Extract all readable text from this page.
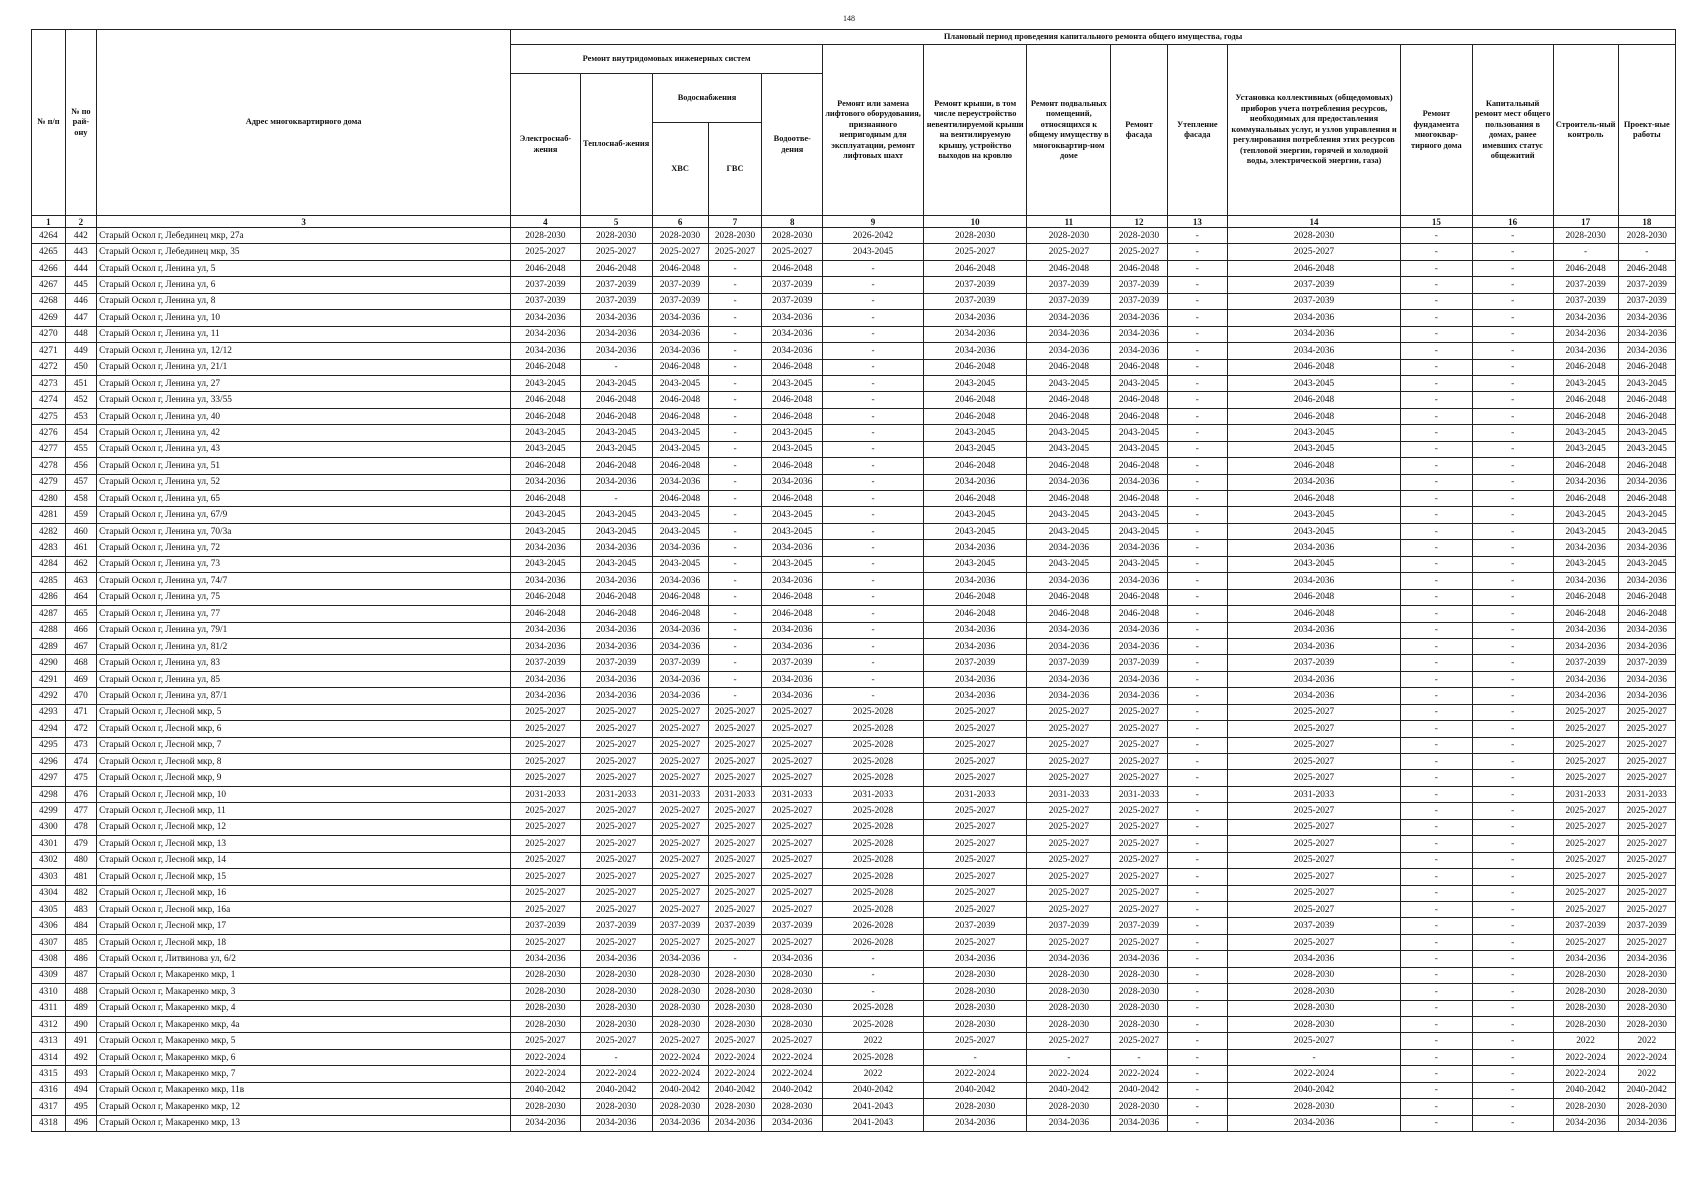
148
№ п/п	№ по рай-ону	Адрес многоквартирного дома	Плановый период проведения капитального ремонта общего имущества, годы														
			Ремонт внутридомовых инженерных систем					Ремонт или замена лифтового оборудования, признанного непригодным для эксплуатации, ремонт лифтовых шахт	Ремонт крыши, в том числе переустройство невентилируемой крыши на вентилируемую крышу, устройство выходов на кровлю	Ремонт подвальных помещений, относящихся к общему имуществу в многоквартир-ном доме	Ремонт фасада	Утепление фасада	Установка коллективных (общедомовых) приборов учета потребления ресурсов, необходимых для предоставления коммунальных услуг, и узлов управления и регулирования потребления этих ресурсов (тепловой энергии, горячей и холодной воды, электрической энергии, газа)	Ремонт фундамента многоквар-тирного дома	Капитальный ремонт мест общего пользования в домах, ранее имевших статус общежитий	Строитель-ный контроль	Проект-ные работы
			Электроснаб-жения	Теплоснаб-жения	Водоснабжения		Водоотве-дения										
					ХВС	ГВС											
1	2	3	4	5	6	7	8	9	10	11	12	13	14	15	16	17	18
4264	442	Старый Оскол г, Лебединец мкр, 27а	2028-2030	2028-2030	2028-2030	2028-2030	2028-2030	2026-2042	2028-2030	2028-2030	2028-2030	-	2028-2030	-	-	2028-2030	2028-2030
4265	443	Старый Оскол г, Лебединец мкр, 35	2025-2027	2025-2027	2025-2027	2025-2027	2025-2027	2043-2045	2025-2027	2025-2027	2025-2027	-	2025-2027	-	-	-	-
4266	444	Старый Оскол г, Ленина ул, 5	2046-2048	2046-2048	2046-2048	-	2046-2048	-	2046-2048	2046-2048	2046-2048	-	2046-2048	-	-	2046-2048	2046-2048
4267	445	Старый Оскол г, Ленина ул, 6	2037-2039	2037-2039	2037-2039	-	2037-2039	-	2037-2039	2037-2039	2037-2039	-	2037-2039	-	-	2037-2039	2037-2039
4268	446	Старый Оскол г, Ленина ул, 8	2037-2039	2037-2039	2037-2039	-	2037-2039	-	2037-2039	2037-2039	2037-2039	-	2037-2039	-	-	2037-2039	2037-2039
4269	447	Старый Оскол г, Ленина ул, 10	2034-2036	2034-2036	2034-2036	-	2034-2036	-	2034-2036	2034-2036	2034-2036	-	2034-2036	-	-	2034-2036	2034-2036
4270	448	Старый Оскол г, Ленина ул, 11	2034-2036	2034-2036	2034-2036	-	2034-2036	-	2034-2036	2034-2036	2034-2036	-	2034-2036	-	-	2034-2036	2034-2036
4271	449	Старый Оскол г, Ленина ул, 12/12	2034-2036	2034-2036	2034-2036	-	2034-2036	-	2034-2036	2034-2036	2034-2036	-	2034-2036	-	-	2034-2036	2034-2036
4272	450	Старый Оскол г, Ленина ул, 21/1	2046-2048	-	2046-2048	-	2046-2048	-	2046-2048	2046-2048	2046-2048	-	2046-2048	-	-	2046-2048	2046-2048
4273	451	Старый Оскол г, Ленина ул, 27	2043-2045	2043-2045	2043-2045	-	2043-2045	-	2043-2045	2043-2045	2043-2045	-	2043-2045	-	-	2043-2045	2043-2045
4274	452	Старый Оскол г, Ленина ул, 33/55	2046-2048	2046-2048	2046-2048	-	2046-2048	-	2046-2048	2046-2048	2046-2048	-	2046-2048	-	-	2046-2048	2046-2048
4275	453	Старый Оскол г, Ленина ул, 40	2046-2048	2046-2048	2046-2048	-	2046-2048	-	2046-2048	2046-2048	2046-2048	-	2046-2048	-	-	2046-2048	2046-2048
4276	454	Старый Оскол г, Ленина ул, 42	2043-2045	2043-2045	2043-2045	-	2043-2045	-	2043-2045	2043-2045	2043-2045	-	2043-2045	-	-	2043-2045	2043-2045
4277	455	Старый Оскол г, Ленина ул, 43	2043-2045	2043-2045	2043-2045	-	2043-2045	-	2043-2045	2043-2045	2043-2045	-	2043-2045	-	-	2043-2045	2043-2045
4278	456	Старый Оскол г, Ленина ул, 51	2046-2048	2046-2048	2046-2048	-	2046-2048	-	2046-2048	2046-2048	2046-2048	-	2046-2048	-	-	2046-2048	2046-2048
4279	457	Старый Оскол г, Ленина ул, 52	2034-2036	2034-2036	2034-2036	-	2034-2036	-	2034-2036	2034-2036	2034-2036	-	2034-2036	-	-	2034-2036	2034-2036
4280	458	Старый Оскол г, Ленина ул, 65	2046-2048	-	2046-2048	-	2046-2048	-	2046-2048	2046-2048	2046-2048	-	2046-2048	-	-	2046-2048	2046-2048
4281	459	Старый Оскол г, Ленина ул, 67/9	2043-2045	2043-2045	2043-2045	-	2043-2045	-	2043-2045	2043-2045	2043-2045	-	2043-2045	-	-	2043-2045	2043-2045
4282	460	Старый Оскол г, Ленина ул, 70/3а	2043-2045	2043-2045	2043-2045	-	2043-2045	-	2043-2045	2043-2045	2043-2045	-	2043-2045	-	-	2043-2045	2043-2045
4283	461	Старый Оскол г, Ленина ул, 72	2034-2036	2034-2036	2034-2036	-	2034-2036	-	2034-2036	2034-2036	2034-2036	-	2034-2036	-	-	2034-2036	2034-2036
4284	462	Старый Оскол г, Ленина ул, 73	2043-2045	2043-2045	2043-2045	-	2043-2045	-	2043-2045	2043-2045	2043-2045	-	2043-2045	-	-	2043-2045	2043-2045
4285	463	Старый Оскол г, Ленина ул, 74/7	2034-2036	2034-2036	2034-2036	-	2034-2036	-	2034-2036	2034-2036	2034-2036	-	2034-2036	-	-	2034-2036	2034-2036
4286	464	Старый Оскол г, Ленина ул, 75	2046-2048	2046-2048	2046-2048	-	2046-2048	-	2046-2048	2046-2048	2046-2048	-	2046-2048	-	-	2046-2048	2046-2048
4287	465	Старый Оскол г, Ленина ул, 77	2046-2048	2046-2048	2046-2048	-	2046-2048	-	2046-2048	2046-2048	2046-2048	-	2046-2048	-	-	2046-2048	2046-2048
4288	466	Старый Оскол г, Ленина ул, 79/1	2034-2036	2034-2036	2034-2036	-	2034-2036	-	2034-2036	2034-2036	2034-2036	-	2034-2036	-	-	2034-2036	2034-2036
4289	467	Старый Оскол г, Ленина ул, 81/2	2034-2036	2034-2036	2034-2036	-	2034-2036	-	2034-2036	2034-2036	2034-2036	-	2034-2036	-	-	2034-2036	2034-2036
4290	468	Старый Оскол г, Ленина ул, 83	2037-2039	2037-2039	2037-2039	-	2037-2039	-	2037-2039	2037-2039	2037-2039	-	2037-2039	-	-	2037-2039	2037-2039
4291	469	Старый Оскол г, Ленина ул, 85	2034-2036	2034-2036	2034-2036	-	2034-2036	-	2034-2036	2034-2036	2034-2036	-	2034-2036	-	-	2034-2036	2034-2036
4292	470	Старый Оскол г, Ленина ул, 87/1	2034-2036	2034-2036	2034-2036	-	2034-2036	-	2034-2036	2034-2036	2034-2036	-	2034-2036	-	-	2034-2036	2034-2036
4293	471	Старый Оскол г, Лесной мкр, 5	2025-2027	2025-2027	2025-2027	2025-2027	2025-2027	2025-2028	2025-2027	2025-2027	2025-2027	-	2025-2027	-	-	2025-2027	2025-2027
4294	472	Старый Оскол г, Лесной мкр, 6	2025-2027	2025-2027	2025-2027	2025-2027	2025-2027	2025-2028	2025-2027	2025-2027	2025-2027	-	2025-2027	-	-	2025-2027	2025-2027
4295	473	Старый Оскол г, Лесной мкр, 7	2025-2027	2025-2027	2025-2027	2025-2027	2025-2027	2025-2028	2025-2027	2025-2027	2025-2027	-	2025-2027	-	-	2025-2027	2025-2027
4296	474	Старый Оскол г, Лесной мкр, 8	2025-2027	2025-2027	2025-2027	2025-2027	2025-2027	2025-2028	2025-2027	2025-2027	2025-2027	-	2025-2027	-	-	2025-2027	2025-2027
4297	475	Старый Оскол г, Лесной мкр, 9	2025-2027	2025-2027	2025-2027	2025-2027	2025-2027	2025-2028	2025-2027	2025-2027	2025-2027	-	2025-2027	-	-	2025-2027	2025-2027
4298	476	Старый Оскол г, Лесной мкр, 10	2031-2033	2031-2033	2031-2033	2031-2033	2031-2033	2031-2033	2031-2033	2031-2033	2031-2033	-	2031-2033	-	-	2031-2033	2031-2033
4299	477	Старый Оскол г, Лесной мкр, 11	2025-2027	2025-2027	2025-2027	2025-2027	2025-2027	2025-2028	2025-2027	2025-2027	2025-2027	-	2025-2027	-	-	2025-2027	2025-2027
4300	478	Старый Оскол г, Лесной мкр, 12	2025-2027	2025-2027	2025-2027	2025-2027	2025-2027	2025-2028	2025-2027	2025-2027	2025-2027	-	2025-2027	-	-	2025-2027	2025-2027
4301	479	Старый Оскол г, Лесной мкр, 13	2025-2027	2025-2027	2025-2027	2025-2027	2025-2027	2025-2028	2025-2027	2025-2027	2025-2027	-	2025-2027	-	-	2025-2027	2025-2027
4302	480	Старый Оскол г, Лесной мкр, 14	2025-2027	2025-2027	2025-2027	2025-2027	2025-2027	2025-2028	2025-2027	2025-2027	2025-2027	-	2025-2027	-	-	2025-2027	2025-2027
4303	481	Старый Оскол г, Лесной мкр, 15	2025-2027	2025-2027	2025-2027	2025-2027	2025-2027	2025-2028	2025-2027	2025-2027	2025-2027	-	2025-2027	-	-	2025-2027	2025-2027
4304	482	Старый Оскол г, Лесной мкр, 16	2025-2027	2025-2027	2025-2027	2025-2027	2025-2027	2025-2028	2025-2027	2025-2027	2025-2027	-	2025-2027	-	-	2025-2027	2025-2027
4305	483	Старый Оскол г, Лесной мкр, 16а	2025-2027	2025-2027	2025-2027	2025-2027	2025-2027	2025-2028	2025-2027	2025-2027	2025-2027	-	2025-2027	-	-	2025-2027	2025-2027
4306	484	Старый Оскол г, Лесной мкр, 17	2037-2039	2037-2039	2037-2039	2037-2039	2037-2039	2026-2028	2037-2039	2037-2039	2037-2039	-	2037-2039	-	-	2037-2039	2037-2039
4307	485	Старый Оскол г, Лесной мкр, 18	2025-2027	2025-2027	2025-2027	2025-2027	2025-2027	2026-2028	2025-2027	2025-2027	2025-2027	-	2025-2027	-	-	2025-2027	2025-2027
4308	486	Старый Оскол г, Литвинова ул, 6/2	2034-2036	2034-2036	2034-2036	-	2034-2036	-	2034-2036	2034-2036	2034-2036	-	2034-2036	-	-	2034-2036	2034-2036
4309	487	Старый Оскол г, Макаренко мкр, 1	2028-2030	2028-2030	2028-2030	2028-2030	2028-2030	-	2028-2030	2028-2030	2028-2030	-	2028-2030	-	-	2028-2030	2028-2030
4310	488	Старый Оскол г, Макаренко мкр, 3	2028-2030	2028-2030	2028-2030	2028-2030	2028-2030	-	2028-2030	2028-2030	2028-2030	-	2028-2030	-	-	2028-2030	2028-2030
4311	489	Старый Оскол г, Макаренко мкр, 4	2028-2030	2028-2030	2028-2030	2028-2030	2028-2030	2025-2028	2028-2030	2028-2030	2028-2030	-	2028-2030	-	-	2028-2030	2028-2030
4312	490	Старый Оскол г, Макаренко мкр, 4а	2028-2030	2028-2030	2028-2030	2028-2030	2028-2030	2025-2028	2028-2030	2028-2030	2028-2030	-	2028-2030	-	-	2028-2030	2028-2030
4313	491	Старый Оскол г, Макаренко мкр, 5	2025-2027	2025-2027	2025-2027	2025-2027	2025-2027	2022	2025-2027	2025-2027	2025-2027	-	2025-2027	-	-	2022	2022
4314	492	Старый Оскол г, Макаренко мкр, 6	2022-2024	-	2022-2024	2022-2024	2022-2024	2025-2028	-	-	-	-	-	-	-	2022-2024	2022-2024
4315	493	Старый Оскол г, Макаренко мкр, 7	2022-2024	2022-2024	2022-2024	2022-2024	2022-2024	2022	2022-2024	2022-2024	2022-2024	-	2022-2024	-	-	2022-2024	2022
4316	494	Старый Оскол г, Макаренко мкр, 11в	2040-2042	2040-2042	2040-2042	2040-2042	2040-2042	2040-2042	2040-2042	2040-2042	2040-2042	-	2040-2042	-	-	2040-2042	2040-2042
4317	495	Старый Оскол г, Макаренко мкр, 12	2028-2030	2028-2030	2028-2030	2028-2030	2028-2030	2041-2043	2028-2030	2028-2030	2028-2030	-	2028-2030	-	-	2028-2030	2028-2030
4318	496	Старый Оскол г, Макаренко мкр, 13	2034-2036	2034-2036	2034-2036	2034-2036	2034-2036	2041-2043	2034-2036	2034-2036	2034-2036	-	2034-2036	-	-	2034-2036	2034-2036
